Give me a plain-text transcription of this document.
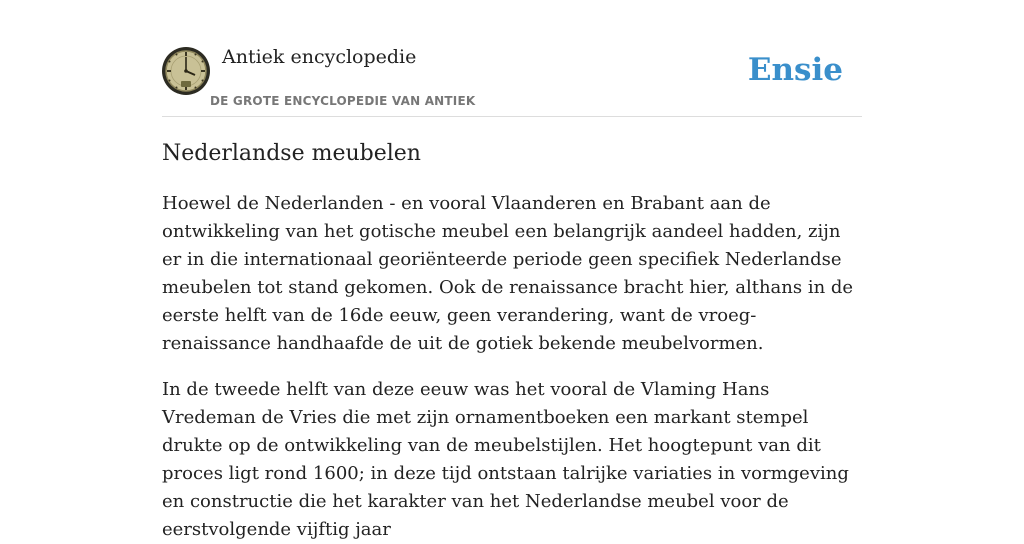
Antiek encyclopedie
DE GROTE ENCYCLOPEDIE VAN ANTIEK
Ensie
Nederlandse meubelen

Hoewel de Nederlanden - en vooral Vlaanderen en Brabant aan de ontwikkeling van het gotische meubel een belangrijk aandeel hadden, zijn er in die internationaal georiënteerde periode geen specifiek Nederlandse meubelen tot stand gekomen. Ook de renaissance bracht hier, althans in de eerste helft van de 16de eeuw, geen verandering, want de vroeg-renaissance handhaafde de uit de gotiek bekende meubelvormen.

In de tweede helft van deze eeuw was het vooral de Vlaming Hans Vredeman de Vries die met zijn ornamentboeken een markant stempel drukte op de ontwikkeling van de meubelstijlen. Het hoogtepunt van dit proces ligt rond 1600; in deze tijd ontstaan talrijke variaties in vormgeving en constructie die het karakter van het Nederlandse meubel voor de eerstvolgende vijftig jaar
